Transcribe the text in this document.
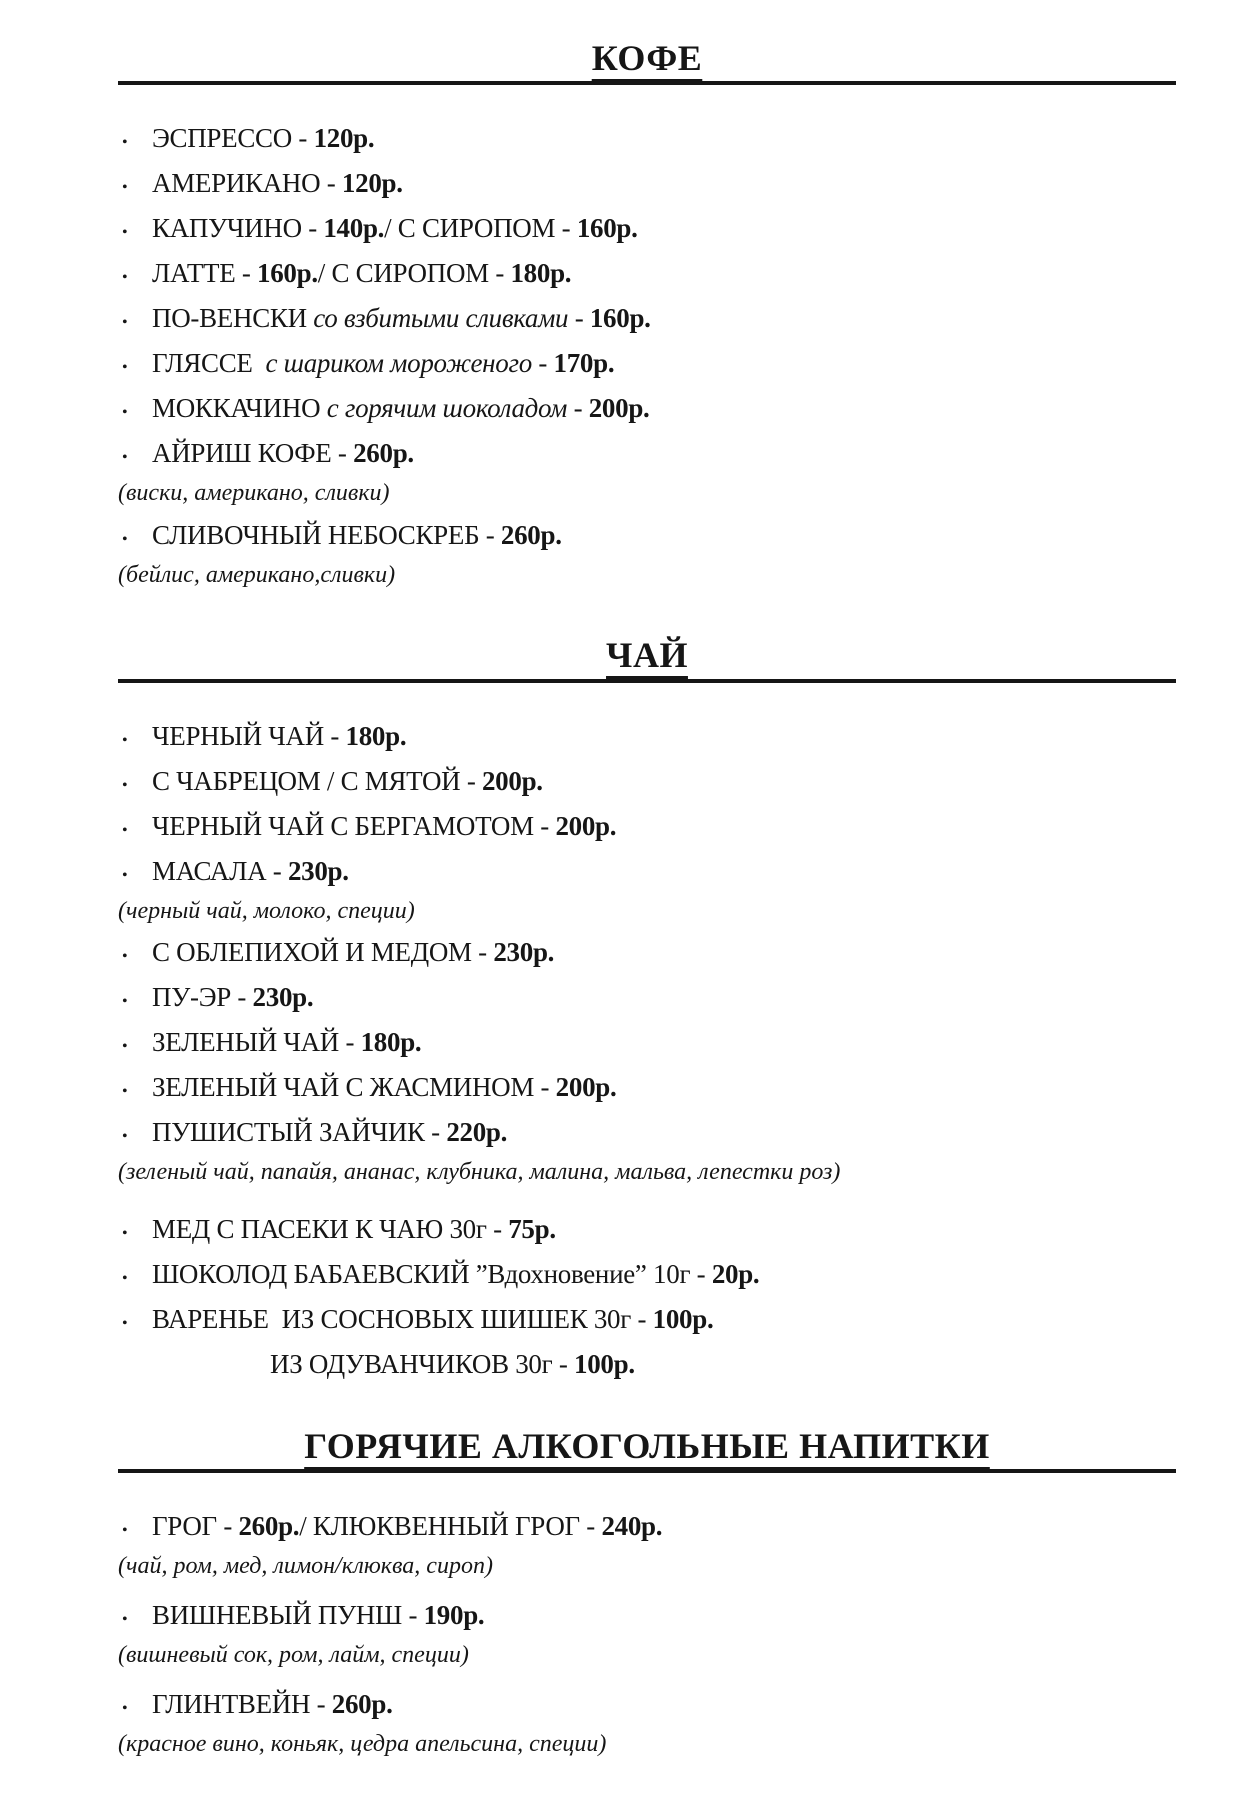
КОФЕ
• ЭСПРЕССО - 120р.
• АМЕРИКАНО - 120р.
• КАПУЧИНО - 140р./ С СИРОПОМ - 160р.
• ЛАТТЕ - 160р./ С СИРОПОМ - 180р.
• ПО-ВЕНСКИ со взбитыми сливками - 160р.
• ГЛЯССЕ  с шариком мороженого - 170р.
• МОККАЧИНО с горячим шоколадом - 200р.
• АЙРИШ КОФЕ - 260р.
(виски, американо, сливки)
• СЛИВОЧНЫЙ НЕБОСКРЕБ - 260р.
(бейлис, американо,сливки)
ЧАЙ
• ЧЕРНЫЙ ЧАЙ - 180р.
• С ЧАБРЕЦОМ / С МЯТОЙ - 200р.
• ЧЕРНЫЙ ЧАЙ С БЕРГАМОТОМ - 200р.
• МАСАЛА - 230р.
(черный чай, молоко, специи)
• С ОБЛЕПИХОЙ И МЕДОМ - 230р.
• ПУ-ЭР - 230р.
• ЗЕЛЕНЫЙ ЧАЙ - 180р.
• ЗЕЛЕНЫЙ ЧАЙ С ЖАСМИНОМ - 200р.
• ПУШИСТЫЙ ЗАЙЧИК - 220р.
(зеленый чай, папайя, ананас, клубника, малина, мальва, лепестки роз)
• МЕД С ПАСЕКИ К ЧАЮ 30г - 75р.
• ШОКОЛОД БАБАЕВСКИЙ ”Вдохновение” 10г - 20р.
• ВАРЕНЬЕ  ИЗ СОСНОВЫХ ШИШЕК 30г - 100р.
ИЗ ОДУВАНЧИКОВ 30г - 100р.
ГОРЯЧИЕ АЛКОГОЛЬНЫЕ НАПИТКИ
• ГРОГ - 260р./ КЛЮКВЕННЫЙ ГРОГ - 240р.
(чай, ром, мед, лимон/клюква, сироп)
• ВИШНЕВЫЙ ПУНШ - 190р.
(вишневый сок, ром, лайм, специи)
• ГЛИНТВЕЙН - 260р.
(красное вино, коньяк, цедра апельсина, специи)
